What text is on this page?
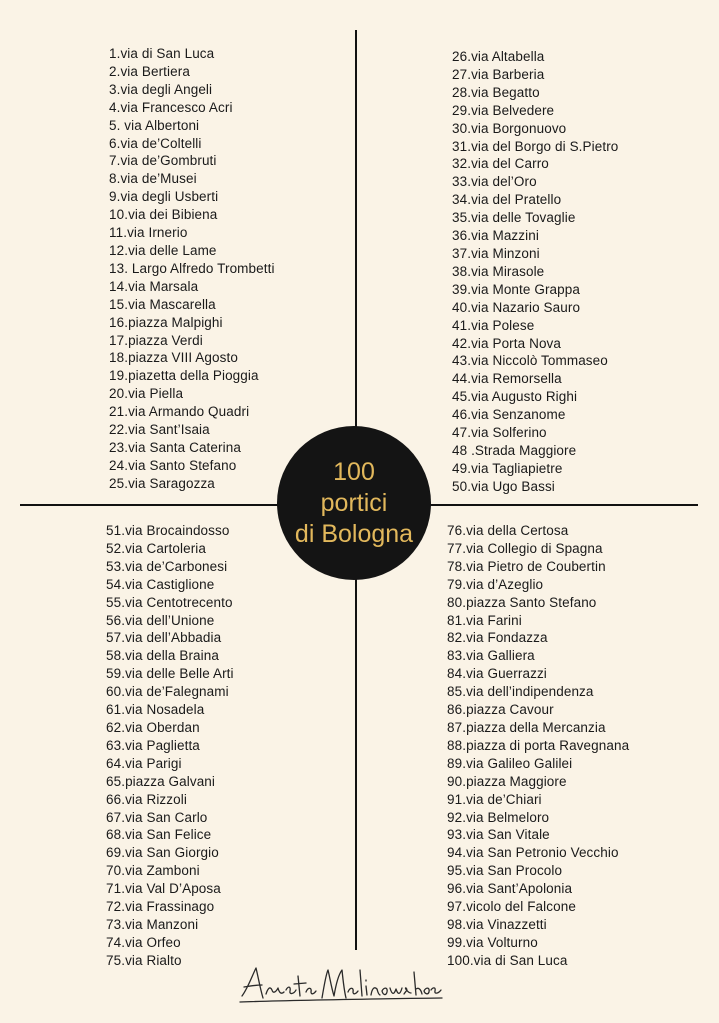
1.via di San Luca
2.via Bertiera
3.via degli Angeli
4.via Francesco Acri
5. via Albertoni
6.via de’Coltelli
7.via de’Gombruti
8.via de’Musei
9.via degli Usberti
10.via dei Bibiena
11.via Irnerio
12.via delle Lame
13. Largo Alfredo Trombetti
14.via Marsala
15.via Mascarella
16.piazza Malpighi
17.piazza Verdi
18.piazza VIII Agosto
19.piazetta della Pioggia
20.via Piella
21.via Armando Quadri
22.via Sant’Isaia
23.via Santa Caterina
24.via Santo Stefano
25.via Saragozza
26.via Altabella
27.via Barberia
28.via Begatto
29.via Belvedere
30.via Borgonuovo
31.via del Borgo di S.Pietro
32.via del Carro
33.via del’Oro
34.via del Pratello
35.via delle Tovaglie
36.via Mazzini
37.via Minzoni
38.via Mirasole
39.via Monte Grappa
40.via Nazario Sauro
41.via Polese
42.via Porta Nova
43.via Niccolò Tommaseo
44.via Remorsella
45.via Augusto Righi
46.via Senzanome
47.via Solferino
48 .Strada Maggiore
49.via Tagliapietre
50.via Ugo Bassi
51.via Brocaindosso
52.via Cartoleria
53.via de’Carbonesi
54.via Castiglione
55.via Centotrecento
56.via dell’Unione
57.via dell’Abbadia
58.via della Braina
59.via delle Belle Arti
60.via de’Falegnami
61.via Nosadela
62.via Oberdan
63.via Paglietta
64.via Parigi
65.piazza Galvani
66.via Rizzoli
67.via San Carlo
68.via San Felice
69.via San Giorgio
70.via Zamboni
71.via Val D’Aposa
72.via Frassinago
73.via Manzoni
74.via Orfeo
75.via Rialto
76.via della Certosa
77.via Collegio di Spagna
78.via Pietro de Coubertin
79.via d’Azeglio
80.piazza Santo Stefano
81.via Farini
82.via Fondazza
83.via Galliera
84.via Guerrazzi
85.via dell’indipendenza
86.piazza Cavour
87.piazza della Mercanzia
88.piazza di porta Ravegnana
89.via Galileo Galilei
90.piazza Maggiore
91.via de’Chiari
92.via Belmeloro
93.via San Vitale
94.via San Petronio Vecchio
95.via San Procolo
96.via Sant’Apolonia
97.vicolo del Falcone
98.via Vinazzetti
99.via Volturno
100.via di San Luca
100
portici
di Bologna
